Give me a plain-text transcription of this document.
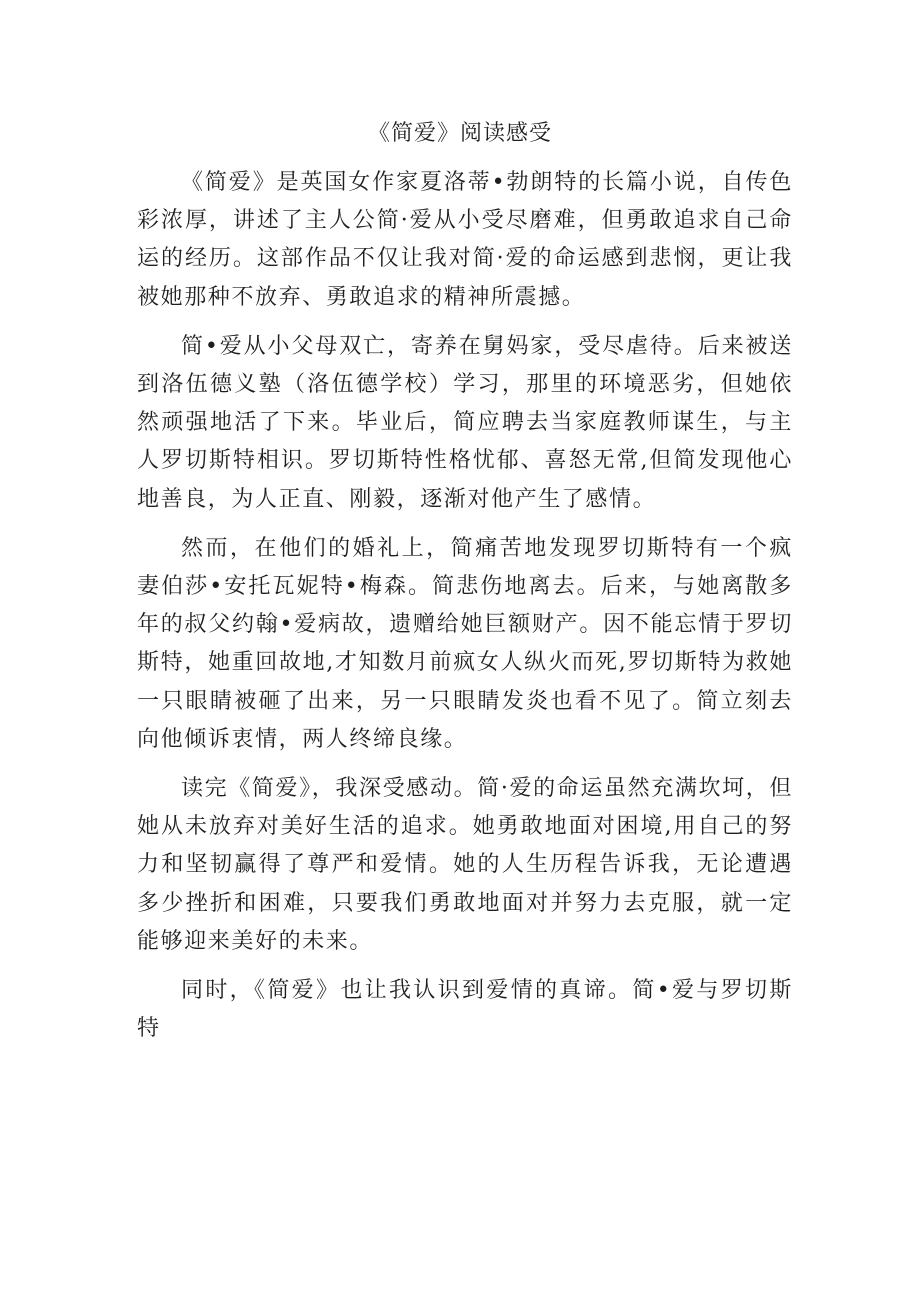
《简爱》阅读感受

《简爱》是英国女作家夏洛蒂•勃朗特的长篇小说，自传色彩浓厚，讲述了主人公简·爱从小受尽磨难，但勇敢追求自己命运的经历。这部作品不仅让我对简·爱的命运感到悲悯，更让我被她那种不放弃、勇敢追求的精神所震撼。

简•爱从小父母双亡，寄养在舅妈家，受尽虐待。后来被送到洛伍德义塾（洛伍德学校）学习，那里的环境恶劣，但她依然顽强地活了下来。毕业后，简应聘去当家庭教师谋生，与主人罗切斯特相识。罗切斯特性格忧郁、喜怒无常,但简发现他心地善良，为人正直、刚毅，逐渐对他产生了感情。

然而，在他们的婚礼上，简痛苦地发现罗切斯特有一个疯妻伯莎•安托瓦妮特•梅森。简悲伤地离去。后来，与她离散多年的叔父约翰•爱病故，遗赠给她巨额财产。因不能忘情于罗切斯特，她重回故地,才知数月前疯女人纵火而死,罗切斯特为救她一只眼睛被砸了出来，另一只眼睛发炎也看不见了。简立刻去向他倾诉衷情，两人终缔良缘。

读完《简爱》，我深受感动。简·爱的命运虽然充满坎坷，但她从未放弃对美好生活的追求。她勇敢地面对困境,用自己的努力和坚韧赢得了尊严和爱情。她的人生历程告诉我，无论遭遇多少挫折和困难，只要我们勇敢地面对并努力去克服，就一定能够迎来美好的未来。

同时，《简爱》也让我认识到爱情的真谛。简•爱与罗切斯特
